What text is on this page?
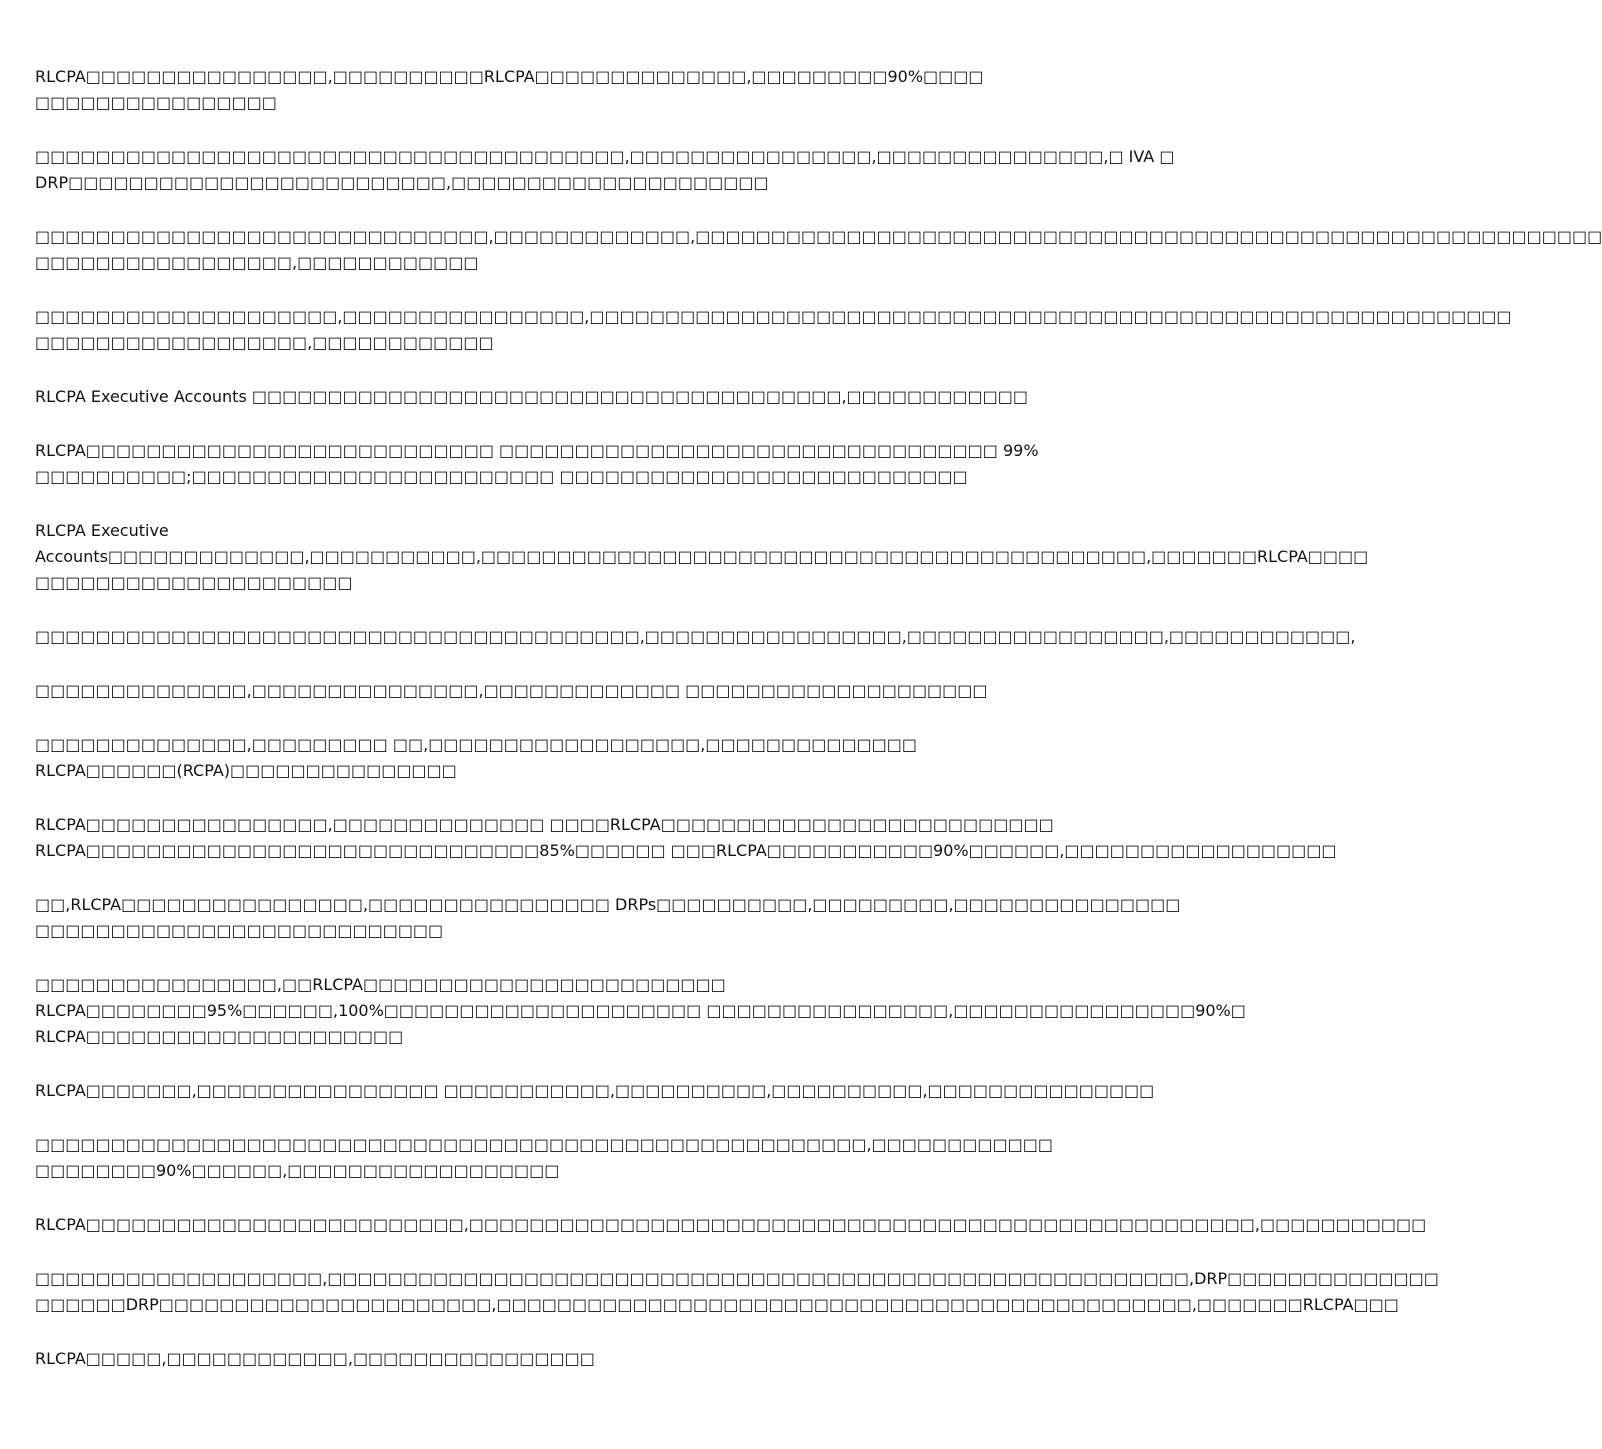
RLCPA□□□□□□□□□□□□□□□□,□□□□□□□□□□RLCPA□□□□□□□□□□□□□□,□□□□□□□□□90%□□□□
□□□□□□□□□□□□□□□□

□□□□□□□□□□□□□□□□□□□□□□□□□□□□□□□□□□□□□□□,□□□□□□□□□□□□□□□□,□□□□□□□□□□□□□□□,□ IVA □
DRP□□□□□□□□□□□□□□□□□□□□□□□□□,□□□□□□□□□□□□□□□□□□□□□

□□□□□□□□□□□□□□□□□□□□□□□□□□□□□□,□□□□□□□□□□□□□,□□□□□□□□□□□□□□□□□□□□□□□□□□□□□□□□□□□□□□□□□□□□□□□□□□□□□□□□□□□□
□□□□□□□□□□□□□□□□□,□□□□□□□□□□□□

□□□□□□□□□□□□□□□□□□□□,□□□□□□□□□□□□□□□□,□□□□□□□□□□□□□□□□□□□□□□□□□□□□□□□□□□□□□□□□□□□□□□□□□□□□□□□□□□□□□
□□□□□□□□□□□□□□□□□□,□□□□□□□□□□□□

RLCPA Executive Accounts □□□□□□□□□□□□□□□□□□□□□□□□□□□□□□□□□□□□□□□,□□□□□□□□□□□□

RLCPA□□□□□□□□□□□□□□□□□□□□□□□□□□□ □□□□□□□□□□□□□□□□□□□□□□□□□□□□□□□□□ 99%
□□□□□□□□□□;□□□□□□□□□□□□□□□□□□□□□□□□ □□□□□□□□□□□□□□□□□□□□□□□□□□□

RLCPA Executive
Accounts□□□□□□□□□□□□□,□□□□□□□□□□□,□□□□□□□□□□□□□□□□□□□□□□□□□□□□□□□□□□□□□□□□□□□□,□□□□□□□RLCPA□□□□
□□□□□□□□□□□□□□□□□□□□□

□□□□□□□□□□□□□□□□□□□□□□□□□□□□□□□□□□□□□□□□,□□□□□□□□□□□□□□□□□,□□□□□□□□□□□□□□□□□,□□□□□□□□□□□□,

□□□□□□□□□□□□□□,□□□□□□□□□□□□□□□,□□□□□□□□□□□□□ □□□□□□□□□□□□□□□□□□□□

□□□□□□□□□□□□□□,□□□□□□□□□ □□,□□□□□□□□□□□□□□□□□□,□□□□□□□□□□□□□□
RLCPA□□□□□□(RCPA)□□□□□□□□□□□□□□□

RLCPA□□□□□□□□□□□□□□□□,□□□□□□□□□□□□□□ □□□□RLCPA□□□□□□□□□□□□□□□□□□□□□□□□□□
RLCPA□□□□□□□□□□□□□□□□□□□□□□□□□□□□□□85%□□□□□□ □□□RLCPA□□□□□□□□□□□90%□□□□□□,□□□□□□□□□□□□□□□□□□

□□,RLCPA□□□□□□□□□□□□□□□□,□□□□□□□□□□□□□□□□ DRPs□□□□□□□□□□,□□□□□□□□□,□□□□□□□□□□□□□□□
□□□□□□□□□□□□□□□□□□□□□□□□□□□

□□□□□□□□□□□□□□□□,□□RLCPA□□□□□□□□□□□□□□□□□□□□□□□□
RLCPA□□□□□□□□95%□□□□□□,100%□□□□□□□□□□□□□□□□□□□□□ □□□□□□□□□□□□□□□□,□□□□□□□□□□□□□□□□90%□
RLCPA□□□□□□□□□□□□□□□□□□□□□

RLCPA□□□□□□□,□□□□□□□□□□□□□□□□ □□□□□□□□□□□,□□□□□□□□□□,□□□□□□□□□□,□□□□□□□□□□□□□□□

□□□□□□□□□□□□□□□□□□□□□□□□□□□□□□□□□□□□□□□□□□□□□□□□□□□□□□□,□□□□□□□□□□□□
□□□□□□□□90%□□□□□□,□□□□□□□□□□□□□□□□□□

RLCPA□□□□□□□□□□□□□□□□□□□□□□□□□,□□□□□□□□□□□□□□□□□□□□□□□□□□□□□□□□□□□□□□□□□□□□□□□□□□□□,□□□□□□□□□□□

□□□□□□□□□□□□□□□□□□□,□□□□□□□□□□□□□□□□□□□□□□□□□□□□□□□□□□□□□□□□□□□□□□□□□□□□□□□□□,DRP□□□□□□□□□□□□□□
□□□□□□DRP□□□□□□□□□□□□□□□□□□□□□□,□□□□□□□□□□□□□□□□□□□□□□□□□□□□□□□□□□□□□□□□□□□□□□,□□□□□□□RLCPA□□□

RLCPA□□□□□,□□□□□□□□□□□□,□□□□□□□□□□□□□□□□
